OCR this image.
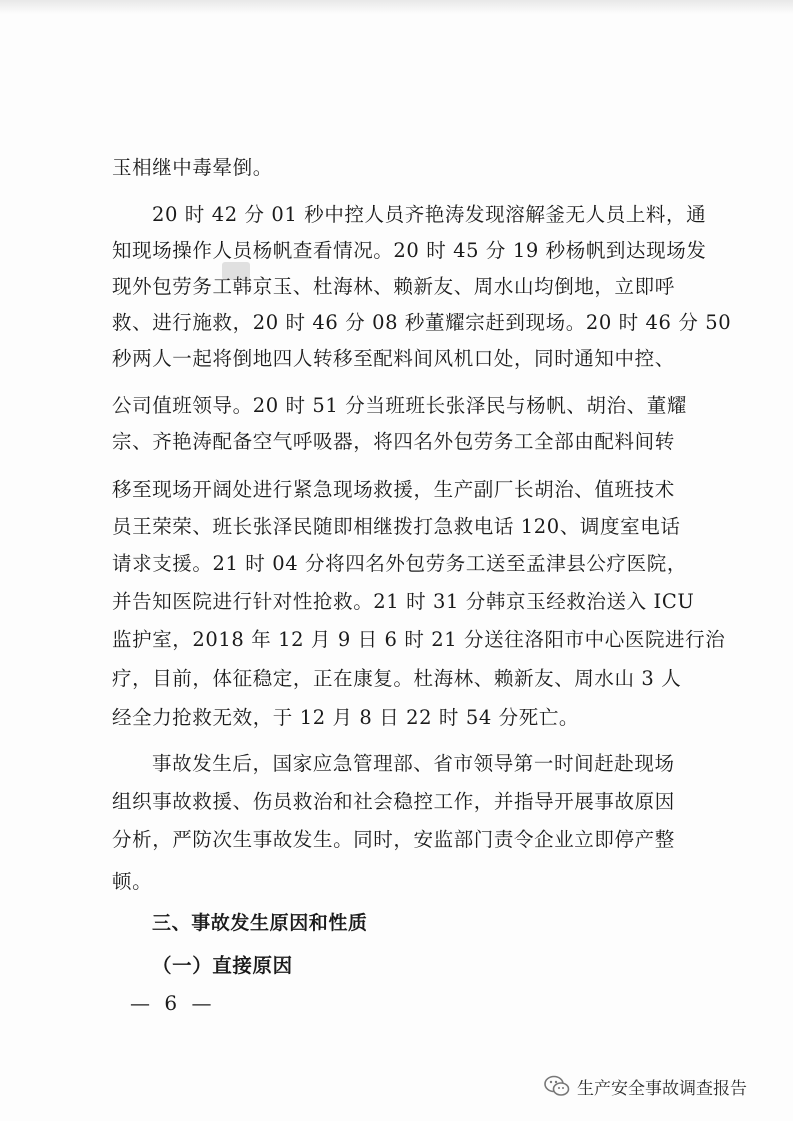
玉相继中毒晕倒。
20 时 42 分 01 秒中控人员齐艳涛发现溶解釜无人员上料，通
知现场操作人员杨帆查看情况。20 时 45 分 19 秒杨帆到达现场发
现外包劳务工韩京玉、杜海林、赖新友、周水山均倒地，立即呼
救、进行施救，20 时 46 分 08 秒董耀宗赶到现场。20 时 46 分 50
秒两人一起将倒地四人转移至配料间风机口处，同时通知中控、
公司值班领导。20 时 51 分当班班长张泽民与杨帆、胡治、董耀
宗、齐艳涛配备空气呼吸器，将四名外包劳务工全部由配料间转
移至现场开阔处进行紧急现场救援，生产副厂长胡治、值班技术
员王荣荣、班长张泽民随即相继拨打急救电话 120、调度室电话
请求支援。21 时 04 分将四名外包劳务工送至孟津县公疗医院，
并告知医院进行针对性抢救。21 时 31 分韩京玉经救治送入 ICU
监护室，2018 年 12 月 9 日 6 时 21 分送往洛阳市中心医院进行治
疗，目前，体征稳定，正在康复。杜海林、赖新友、周水山 3 人
经全力抢救无效，于 12 月 8 日 22 时 54 分死亡。
事故发生后，国家应急管理部、省市领导第一时间赶赴现场
组织事故救援、伤员救治和社会稳控工作，并指导开展事故原因
分析，严防次生事故发生。同时，安监部门责令企业立即停产整
顿。
三、事故发生原因和性质
（一）直接原因
— 6 —
生产安全事故调查报告
